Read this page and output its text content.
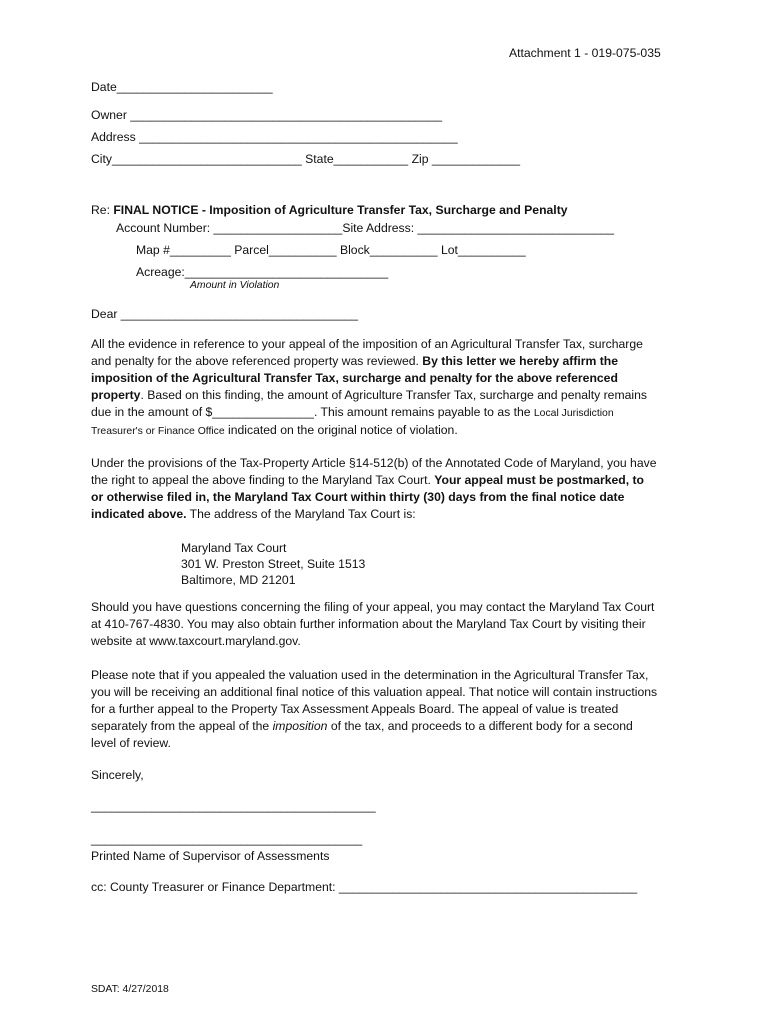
Attachment 1 - 019-075-035
Date_______________________
Owner ______________________________________________
Address _______________________________________________
City____________________________ State___________ Zip _____________
Re: FINAL NOTICE - Imposition of Agriculture Transfer Tax, Surcharge and Penalty
Account Number: ___________________Site Address: _____________________________
Map #_________ Parcel__________ Block__________ Lot__________
Acreage:______________________________
Amount in Violation
Dear ___________________________________
All the evidence in reference to your appeal of the imposition of an Agricultural Transfer Tax, surcharge
and penalty for the above referenced property was reviewed. By this letter we hereby affirm the
imposition of the Agricultural Transfer Tax, surcharge and penalty for the above referenced
property. Based on this finding, the amount of Agriculture Transfer Tax, surcharge and penalty remains
due in the amount of $_______________. This amount remains payable to as the Local Jurisdiction
Treasurer's or Finance Office indicated on the original notice of violation.
Under the provisions of the Tax-Property Article §14-512(b) of the Annotated Code of Maryland, you have
the right to appeal the above finding to the Maryland Tax Court. Your appeal must be postmarked, to
or otherwise filed in, the Maryland Tax Court within thirty (30) days from the final notice date
indicated above. The address of the Maryland Tax Court is:
Maryland Tax Court
301 W. Preston Street, Suite 1513
Baltimore, MD 21201
Should you have questions concerning the filing of your appeal, you may contact the Maryland Tax Court
at 410-767-4830. You may also obtain further information about the Maryland Tax Court by visiting their
website at www.taxcourt.maryland.gov.
Please note that if you appealed the valuation used in the determination in the Agricultural Transfer Tax,
you will be receiving an additional final notice of this valuation appeal. That notice will contain instructions
for a further appeal to the Property Tax Assessment Appeals Board. The appeal of value is treated
separately from the appeal of the imposition of the tax, and proceeds to a different body for a second
level of review.
Sincerely,
__________________________________________
________________________________________
Printed Name of Supervisor of Assessments
cc: County Treasurer or Finance Department: ____________________________________________
SDAT: 4/27/2018
